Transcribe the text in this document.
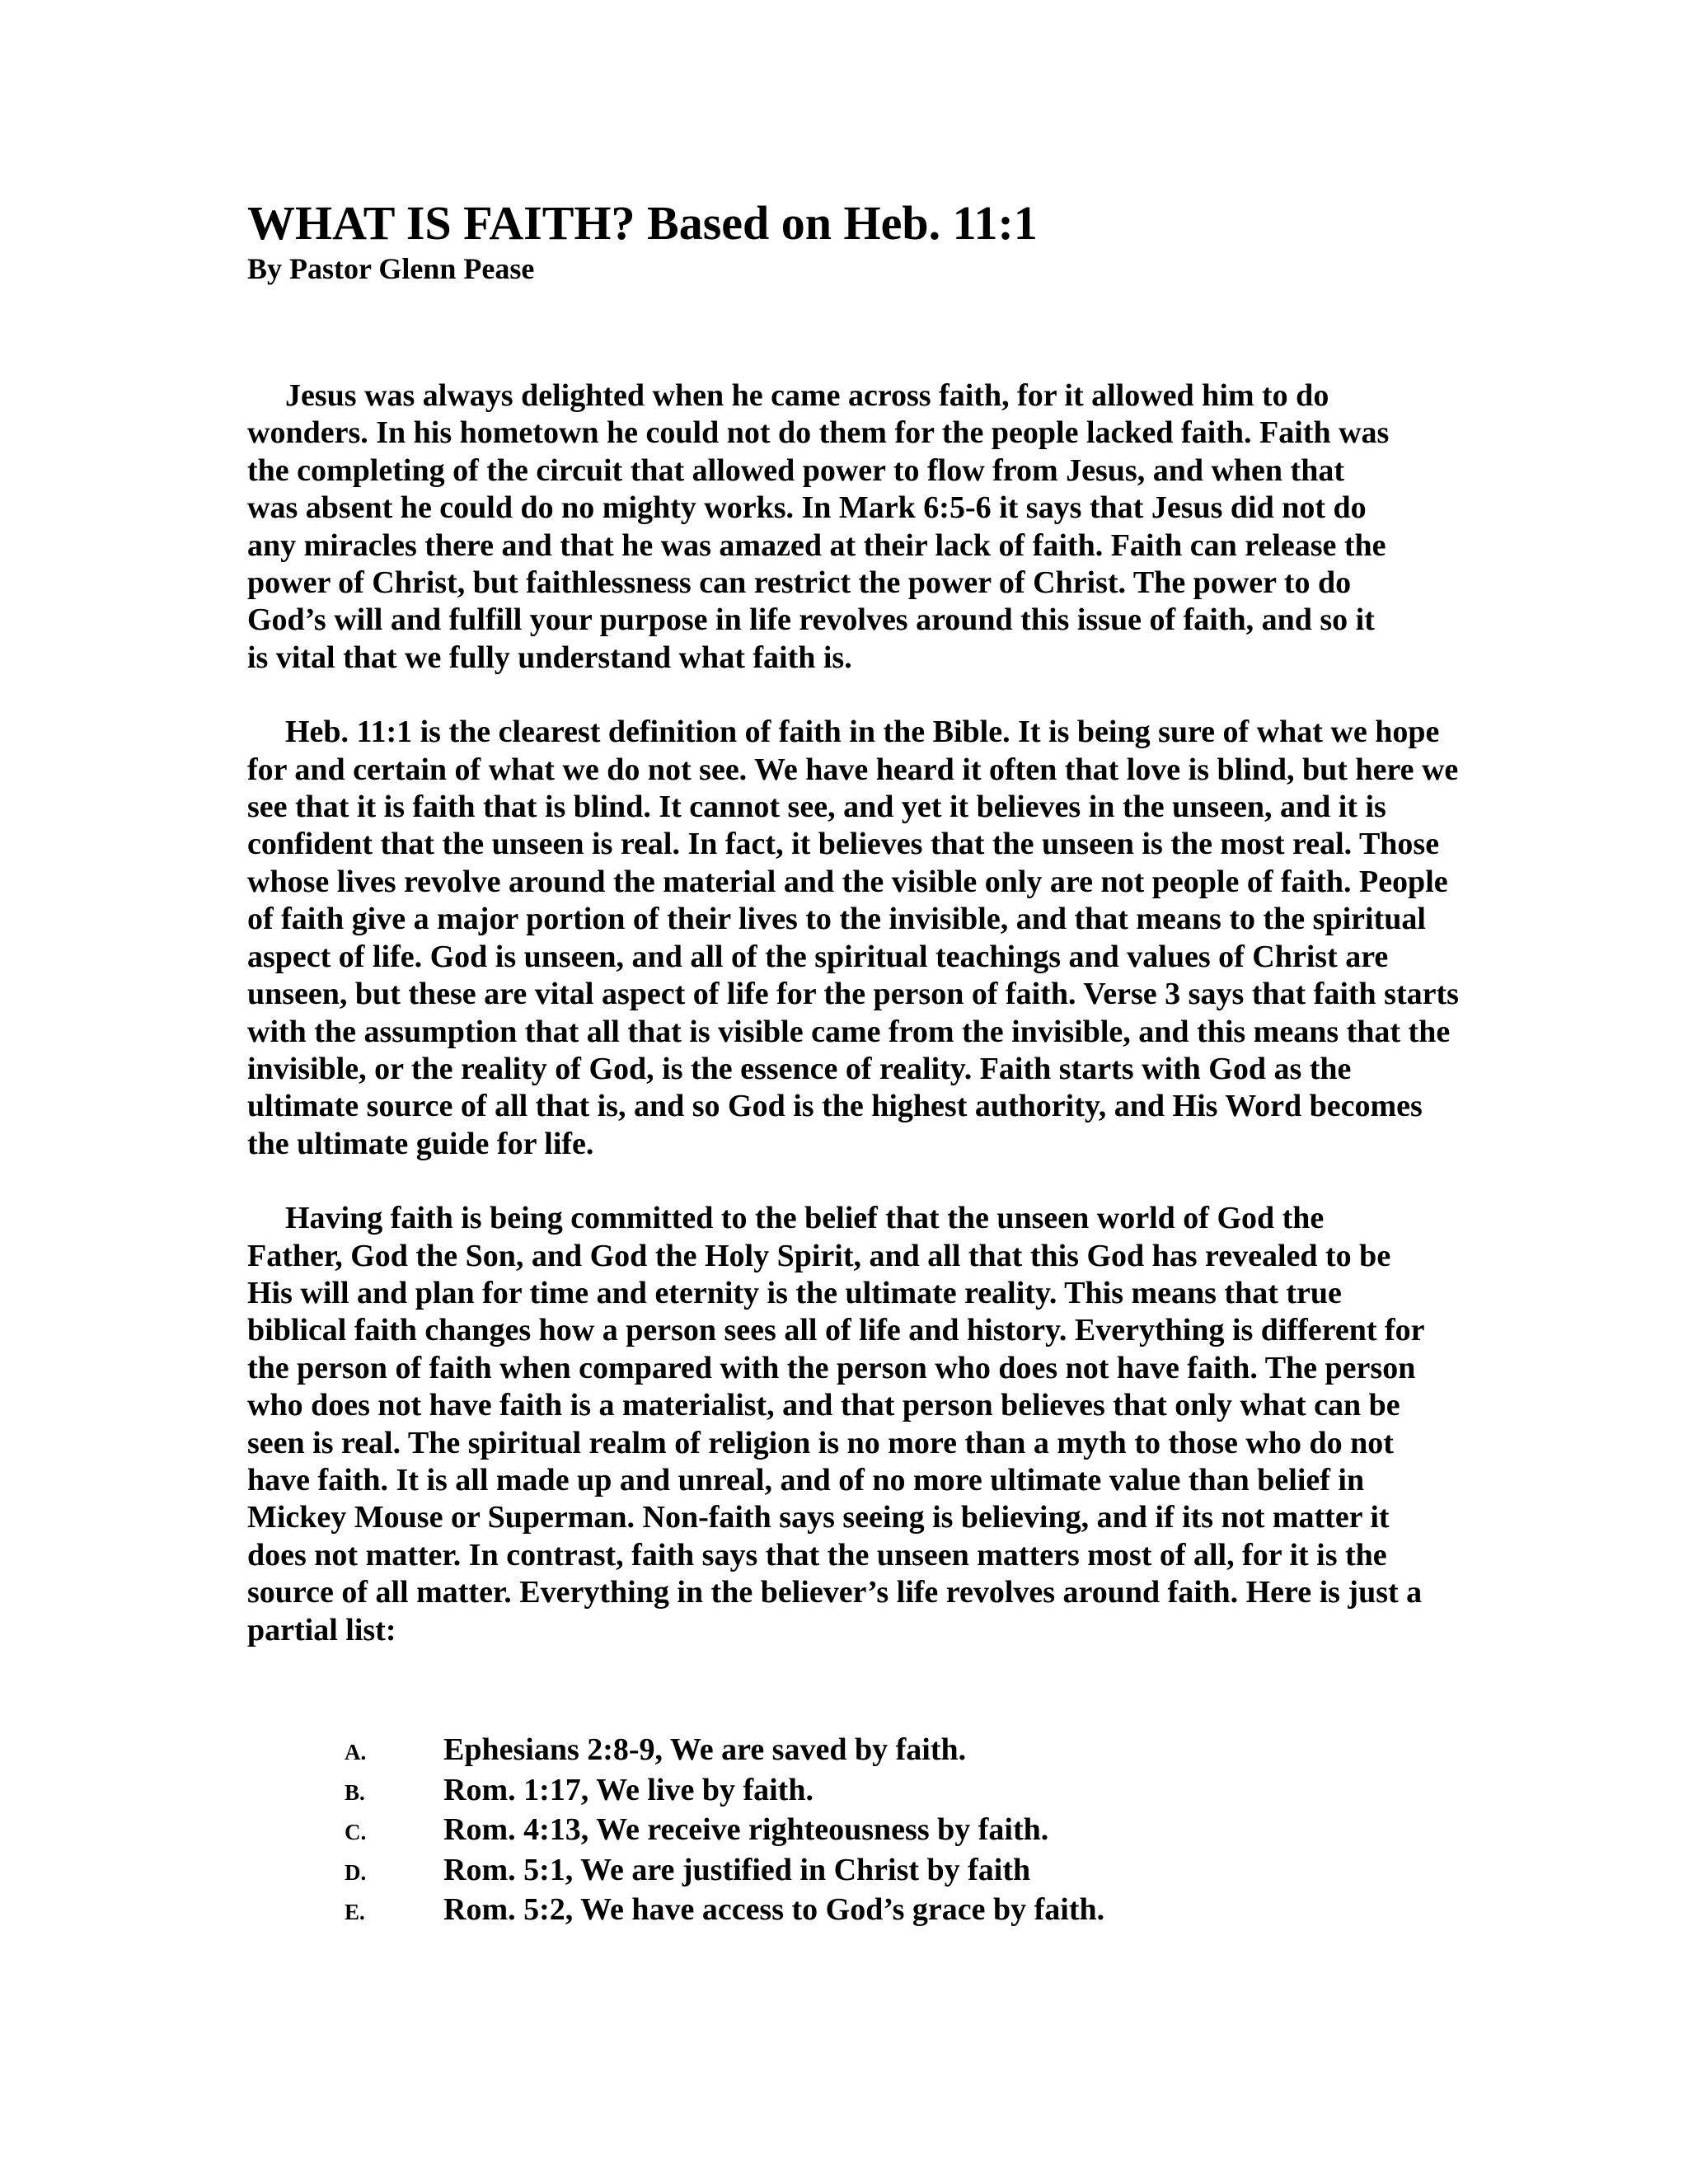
WHAT IS FAITH? Based on Heb. 11:1

By Pastor Glenn Pease

Jesus was always delighted when he came across faith, for it allowed him to do wonders. In his hometown he could not do them for the people lacked faith. Faith was the completing of the circuit that allowed power to flow from Jesus, and when that was absent he could do no mighty works. In Mark 6:5-6 it says that Jesus did not do any miracles there and that he was amazed at their lack of faith. Faith can release the power of Christ, but faithlessness can restrict the power of Christ. The power to do God’s will and fulfill your purpose in life revolves around this issue of faith, and so it is vital that we fully understand what faith is.

Heb. 11:1 is the clearest definition of faith in the Bible. It is being sure of what we hope for and certain of what we do not see. We have heard it often that love is blind, but here we see that it is faith that is blind. It cannot see, and yet it believes in the unseen, and it is confident that the unseen is real. In fact, it believes that the unseen is the most real. Those whose lives revolve around the material and the visible only are not people of faith. People of faith give a major portion of their lives to the invisible, and that means to the spiritual aspect of life. God is unseen, and all of the spiritual teachings and values of Christ are unseen, but these are vital aspect of life for the person of faith. Verse 3 says that faith starts with the assumption that all that is visible came from the invisible, and this means that the invisible, or the reality of God, is the essence of reality. Faith starts with God as the ultimate source of all that is, and so God is the highest authority, and His Word becomes the ultimate guide for life.

Having faith is being committed to the belief that the unseen world of God the Father, God the Son, and God the Holy Spirit, and all that this God has revealed to be His will and plan for time and eternity is the ultimate reality. This means that true biblical faith changes how a person sees all of life and history. Everything is different for the person of faith when compared with the person who does not have faith. The person who does not have faith is a materialist, and that person believes that only what can be seen is real. The spiritual realm of religion is no more than a myth to those who do not have faith. It is all made up and unreal, and of no more ultimate value than belief in Mickey Mouse or Superman. Non-faith says seeing is believing, and if its not matter it does not matter. In contrast, faith says that the unseen matters most of all, for it is the source of all matter. Everything in the believer’s life revolves around faith. Here is just a partial list:

A.	Ephesians 2:8-9, We are saved by faith.
B.	Rom. 1:17, We live by faith.
C.	Rom. 4:13, We receive righteousness by faith.
D.	Rom. 5:1, We are justified in Christ by faith
E.	Rom. 5:2, We have access to God’s grace by faith.
